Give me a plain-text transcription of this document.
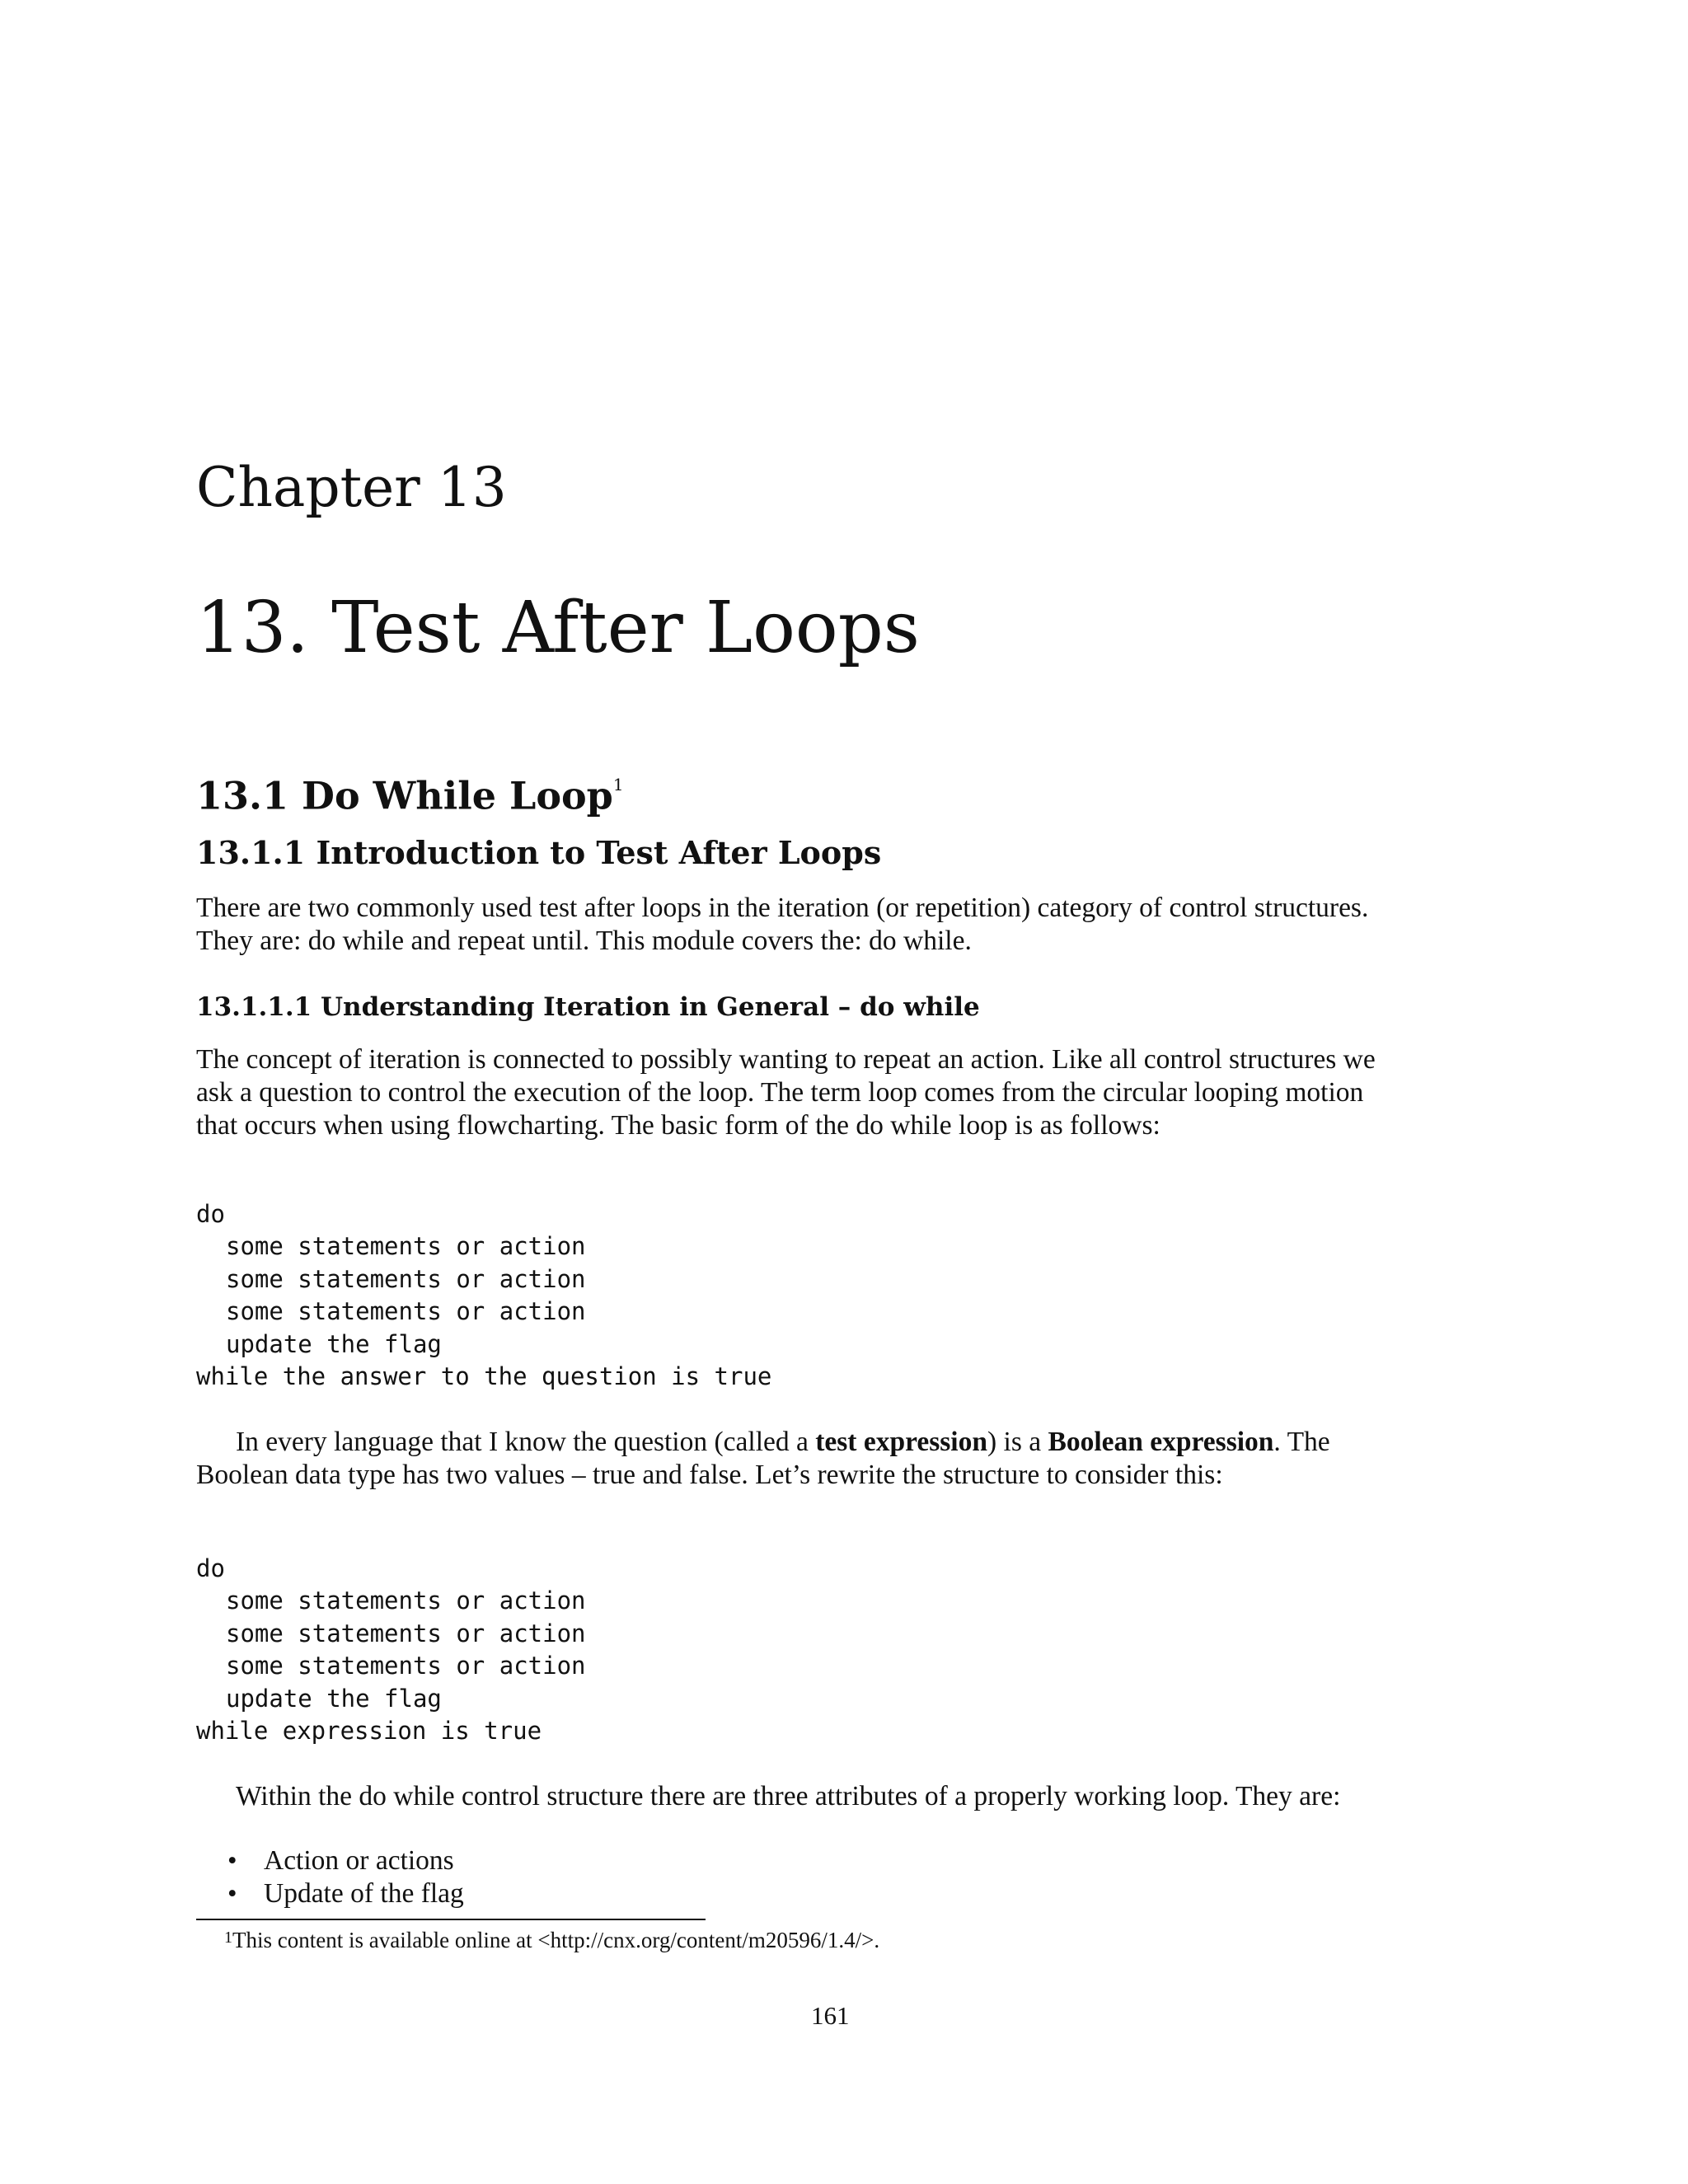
Chapter 13
13. Test After Loops
13.1 Do While Loop$^1$
13.1.1 Introduction to Test After Loops
There are two commonly used test after loops in the iteration (or repetition) category of control structures.
They are: do while and repeat until. This module covers the: do while.
13.1.1.1 Understanding Iteration in General – do while
The concept of iteration is connected to possibly wanting to repeat an action. Like all control structures we
ask a question to control the execution of the loop. The term loop comes from the circular looping motion
that occurs when using flowcharting. The basic form of the do while loop is as follows:
do
some statements or action
some statements or action
some statements or action
update the flag
while the answer to the question is true
In every language that I know the question (called a test expression) is a Boolean expression. The
Boolean data type has two values – true and false. Let’s rewrite the structure to consider this:
do
some statements or action
some statements or action
some statements or action
update the flag
while expression is true
Within the do while control structure there are three attributes of a properly working loop. They are:
• Action or actions
• Update of the flag
$^1$This content is available online at <http://cnx.org/content/m20596/1.4/>.
161
